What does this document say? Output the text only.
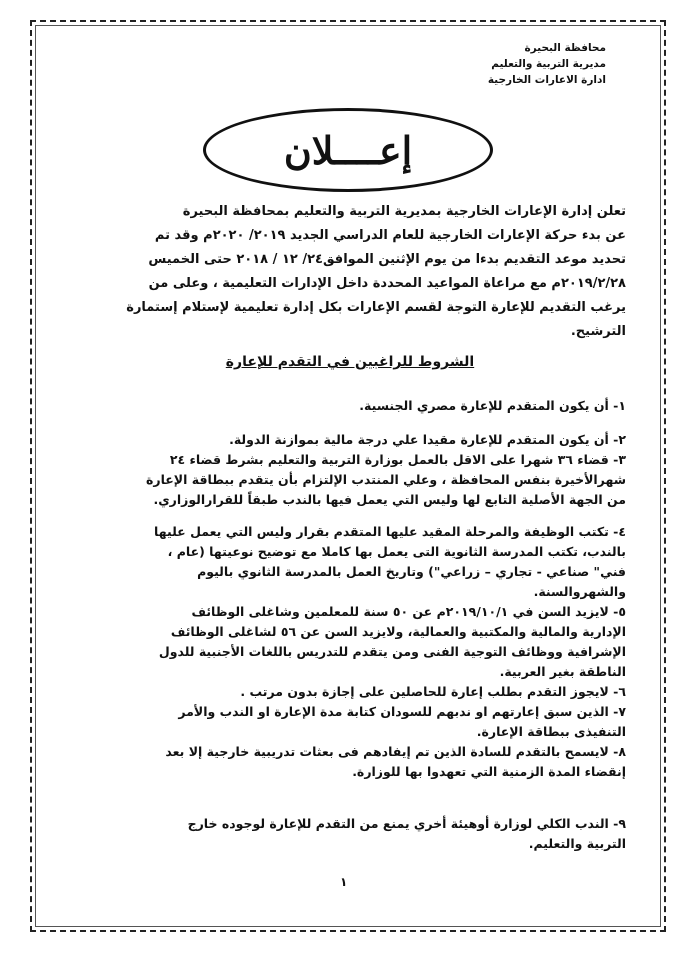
محافظة البحيرة
مديرية التربية والتعليم
ادارة الاعارات الخارجية
إعــــلان

تعلن إدارة الإعارات الخارجية بمديرية التربية والتعليم بمحافظة البحيرة

عن بدء حركة الإعارات الخارجية للعام الدراسي الجديد ٢٠١٩/ ٢٠٢٠م وقد تم

تحديد موعد التقديم بدءا من يوم الإثنين الموافق٢٤/ ١٢ / ٢٠١٨ حتى الخميس

٢٠١٩/٢/٢٨م مع مراعاة المواعيد المحددة داخل الإدارات التعليمية ، وعلى من

يرغب التقديم للإعارة التوجة لقسم الإعارات بكل إدارة تعليمية لإستلام إستمارة

الترشيح.

الشروط للراغبين في التقدم للإعارة
١- أن يكون المتقدم للإعارة مصري الجنسية.
٢- أن يكون المتقدم للإعارة مقيدا علي درجة مالية بموازنة الدولة.
٣- قضاء ٣٦ شهرا على الاقل بالعمل بوزارة التربية والتعليم بشرط قضاء ٢٤
شهرالأخيرة بنفس المحافظة ، وعلي المنتدب الإلتزام بأن يتقدم ببطاقة الإعارة
من الجهة الأصلية التابع لها وليس التي يعمل فيها بالندب طبقاً للقرارالوزاري.
٤- تكتب الوظيفة والمرحلة المقيد عليها المتقدم بقرار وليس التي يعمل عليها
بالندب، تكتب المدرسة الثانوية التى يعمل بها كاملا مع توضيح نوعيتها (عام ،
فني" صناعي - تجاري – زراعي") وتاريخ العمل بالمدرسة الثانوي باليوم
والشهروالسنة.
٥- لايزيد السن في ٢٠١٩/١٠/١م عن ٥٠ سنة للمعلمين وشاغلى الوظائف
الإدارية والمالية والمكتبية والعمالية، ولايزيد السن عن ٥٦ لشاغلى الوظائف
الإشرافية ووظائف التوجية الفنى ومن يتقدم للتدريس باللغات الأجنبية للدول
الناطقة بغير العربية.
٦- لايجوز التقدم بطلب إعارة للحاصلين على إجازة بدون مرتب .
٧- الذين سبق إعارتهم او ندبهم للسودان كتابة مدة الإعارة او الندب والأمر
التنفيذى ببطاقة الإعارة.
٨- لايسمح بالتقدم للسادة الذين تم إيفادهم فى بعثات تدريبية خارجية إلا بعد
إنقضاء المدة الزمنية التي تعهدوا بها للوزارة.
٩- الندب الكلي لوزارة أوهيئة أخري يمنع من التقدم للإعارة لوجوده خارج
التربية والتعليم.
١
